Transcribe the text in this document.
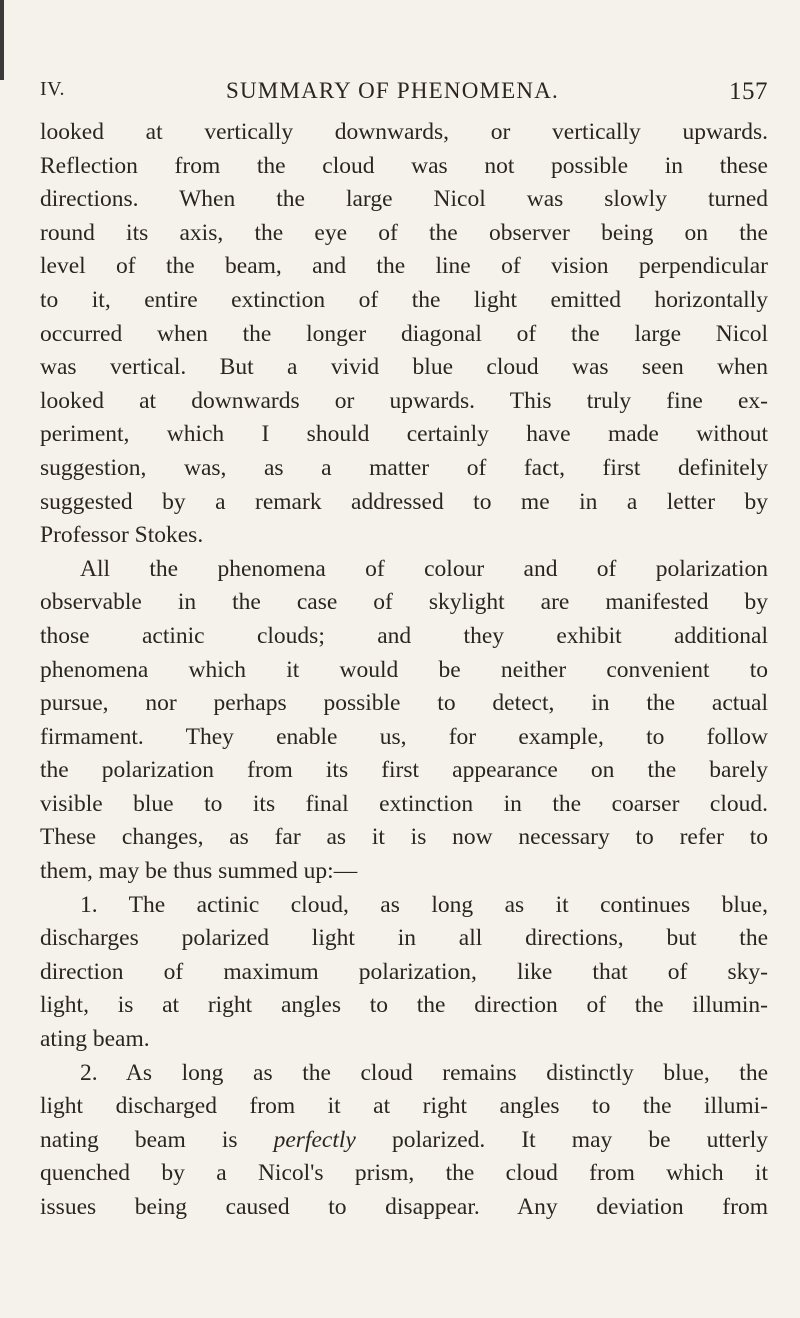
IV.	SUMMARY OF PHENOMENA.	157
looked at vertically downwards, or vertically upwards.
Reflection from the cloud was not possible in these
directions. When the large Nicol was slowly turned
round its axis, the eye of the observer being on the
level of the beam, and the line of vision perpendicular
to it, entire extinction of the light emitted horizontally
occurred when the longer diagonal of the large Nicol
was vertical. But a vivid blue cloud was seen when
looked at downwards or upwards. This truly fine ex-
periment, which I should certainly have made without
suggestion, was, as a matter of fact, first definitely
suggested by a remark addressed to me in a letter by
Professor Stokes.
All the phenomena of colour and of polarization
observable in the case of skylight are manifested by
those actinic clouds; and they exhibit additional
phenomena which it would be neither convenient to
pursue, nor perhaps possible to detect, in the actual
firmament. They enable us, for example, to follow
the polarization from its first appearance on the barely
visible blue to its final extinction in the coarser cloud.
These changes, as far as it is now necessary to refer to
them, may be thus summed up:—
1. The actinic cloud, as long as it continues blue,
discharges polarized light in all directions, but the
direction of maximum polarization, like that of sky-
light, is at right angles to the direction of the illumin-
ating beam.
2. As long as the cloud remains distinctly blue, the
light discharged from it at right angles to the illumi-
nating beam is perfectly polarized. It may be utterly
quenched by a Nicol's prism, the cloud from which it
issues being caused to disappear. Any deviation from
